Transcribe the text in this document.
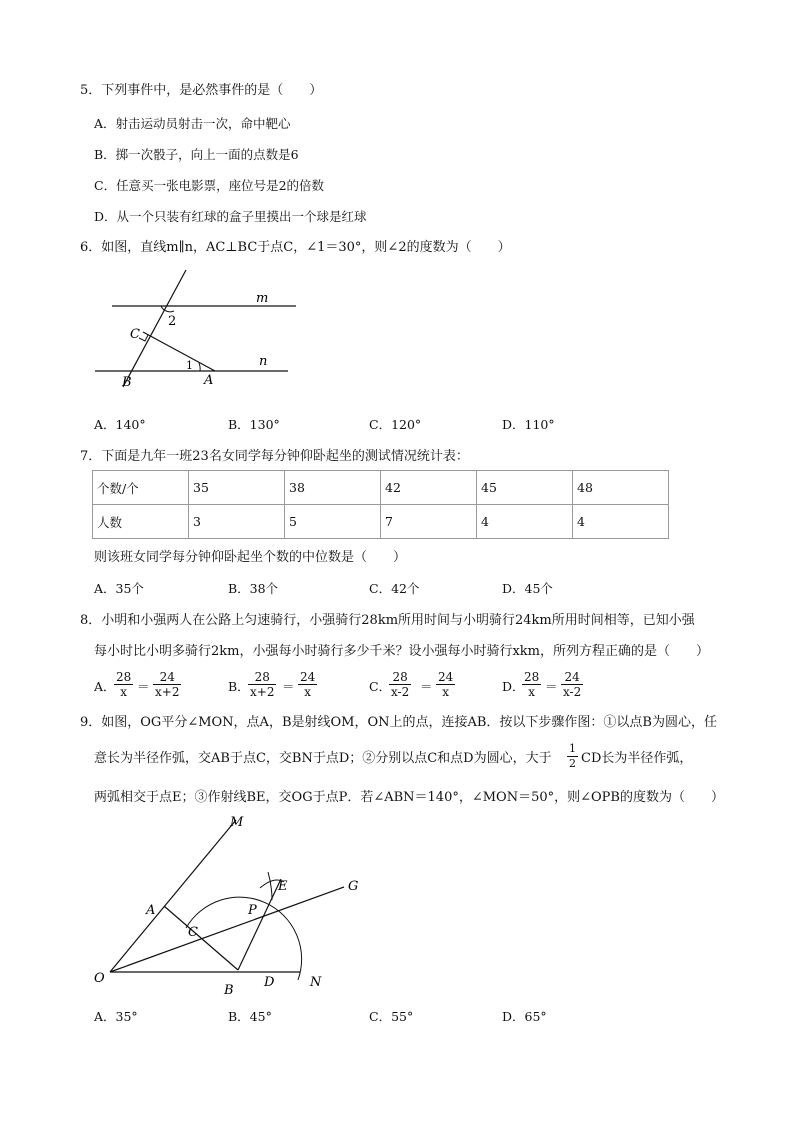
5．下列事件中，是必然事件的是（　　）
A．射击运动员射击一次，命中靶心
B．掷一次骰子，向上一面的点数是6
C．任意买一张电影票，座位号是2的倍数
D．从一个只装有红球的盒子里摸出一个球是红球
6．如图，直线m∥n，AC⊥BC于点C，∠1＝30°，则∠2的度数为（　　）
m
n
C
B	A
1
2
A．140°	B．130°	C．120°	D．110°
7．下面是九年一班23名女同学每分钟仰卧起坐的测试情况统计表：
个数/个	35	38	42	45	48
人数	3	5	7	4	4
则该班女同学每分钟仰卧起坐个数的中位数是（　　）
A．35个	B．38个	C．42个	D．45个
8．小明和小强两人在公路上匀速骑行，小强骑行28km所用时间与小明骑行24km所用时间相等，已知小强
每小时比小明多骑行2km，小强每小时骑行多少千米？设小强每小时骑行xkm，所列方程正确的是（　　）
A．
$\frac{28}{x} = \frac{24}{x+2}$	B．
$\frac{28}{x+2} = \frac{24}{x}$	C．
$\frac{28}{x-2} = \frac{24}{x}$	D．
$\frac{28}{x} = \frac{24}{x-2}$
9．如图，OG平分∠MON，点A，B是射线OM，ON上的点，连接AB．按以下步骤作图：①以点B为圆心，任
意长为半径作弧，交AB于点C，交BN于点D；②分别以点C和点D为圆心，大于 $\frac{1}{2}$ CD长为半径作弧，
两弧相交于点E；③作射线BE，交OG于点P．若∠ABN＝140°，∠MON＝50°，则∠OPB的度数为（　　）
M
A
C
P
E	G
O
B
D	N
A．35°	B．45°	C．55°	D．65°
